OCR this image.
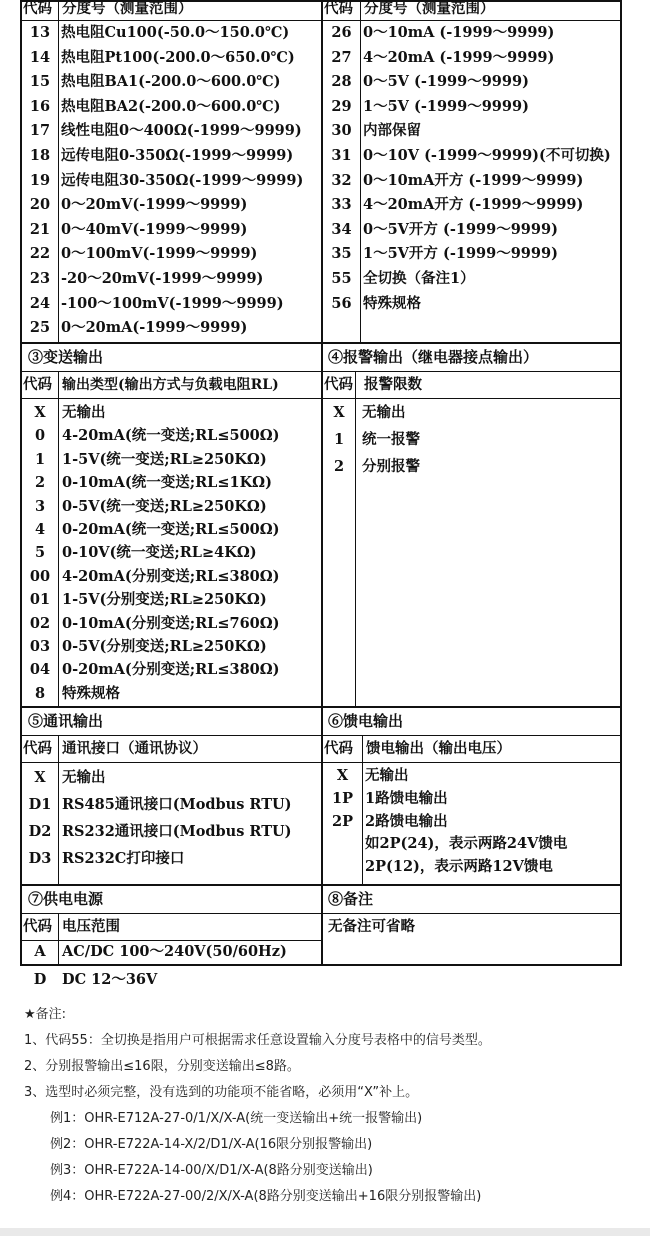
代码 分度号（测量范围）	代码 分度号（测量范围）
13 热电阻Cu100(-50.0～150.0℃)
14 热电阻Pt100(-200.0～650.0℃)
15 热电阻BA1(-200.0～600.0℃)
16 热电阻BA2(-200.0～600.0℃)
17 线性电阻0～400Ω(-1999～9999)
18 远传电阻0-350Ω(-1999～9999)
19 远传电阻30-350Ω(-1999～9999)
20 0～20mV(-1999～9999)
21 0～40mV(-1999～9999)
22 0～100mV(-1999～9999)
23 -20～20mV(-1999～9999)
24 -100～100mV(-1999～9999)
25 0～20mA(-1999～9999)
26 0～10mA (-1999～9999)
27 4～20mA (-1999～9999)
28 0～5V (-1999～9999)
29 1～5V (-1999～9999)
30 内部保留
31 0～10V (-1999～9999)(不可切换)
32 0～10mA开方 (-1999～9999)
33 4～20mA开方 (-1999～9999)
34 0～5V开方 (-1999～9999)
35 1～5V开方 (-1999～9999)
55 全切换（备注1）
56 特殊规格
③变送输出	④报警输出（继电器接点输出）
代码 输出类型(输出方式与负载电阻RL)	代码 报警限数
X	无输出
0	4-20mA(统一变送;RL≤500Ω)
1	1-5V(统一变送;RL≥250KΩ)
2	0-10mA(统一变送;RL≤1KΩ)
3	0-5V(统一变送;RL≥250KΩ)
4	0-20mA(统一变送;RL≤500Ω)
5	0-10V(统一变送;RL≥4KΩ)
00 4-20mA(分别变送;RL≤380Ω)
01 1-5V(分别变送;RL≥250KΩ)
02 0-10mA(分别变送;RL≤760Ω)
03 0-5V(分别变送;RL≥250KΩ)
04 0-20mA(分别变送;RL≤380Ω)
8	特殊规格
X	无输出
1	统一报警
2	分别报警
⑤通讯输出	⑥馈电输出
代码 通讯接口（通讯协议）	代码 馈电输出（输出电压）
X	无输出
D1 RS485通讯接口(Modbus RTU)
D2 RS232通讯接口(Modbus RTU)
D3 RS232C打印接口
X	无输出
1P 1路馈电输出
2P 2路馈电输出
如2P(24)，表示两路24V馈电
2P(12)，表示两路12V馈电
⑦供电电源	⑧备注
代码 电压范围	无备注可省略
A	AC/DC 100～240V(50/60Hz)
D	DC 12～36V
★备注:
1、代码55：全切换是指用户可根据需求任意设置输入分度号表格中的信号类型。
2、分别报警输出≤16限，分别变送输出≤8路。
3、选型时必须完整，没有选到的功能项不能省略，必须用“X”补上。
例1：OHR-E712A-27-0/1/X/X-A(统一变送输出+统一报警输出)
例2：OHR-E722A-14-X/2/D1/X-A(16限分别报警输出)
例3：OHR-E722A-14-00/X/D1/X-A(8路分别变送输出)
例4：OHR-E722A-27-00/2/X/X-A(8路分别变送输出+16限分别报警输出)
